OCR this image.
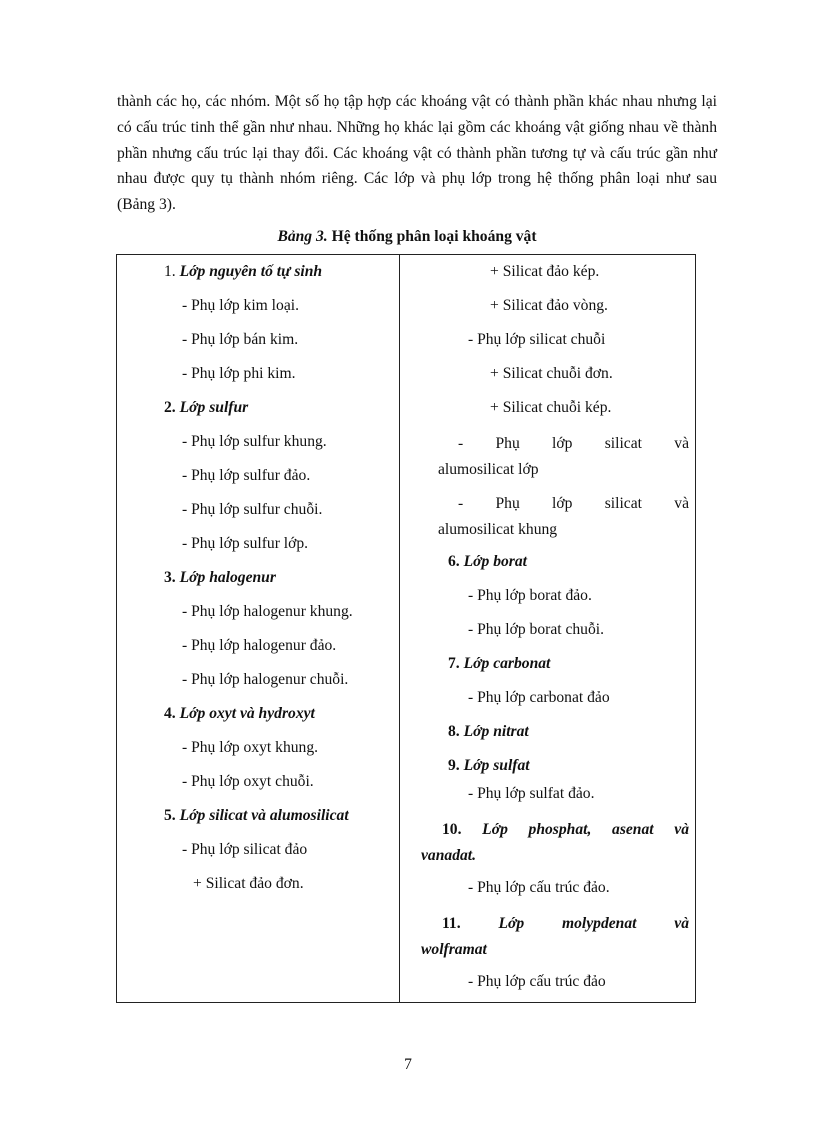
thành các họ, các nhóm. Một số họ tập hợp các khoáng vật có thành phần khác nhau nhưng lại có cấu trúc tinh thể gần như nhau. Những họ khác lại gồm các khoáng vật giống nhau về thành phần nhưng cấu trúc lại thay đổi. Các khoáng vật có thành phần tương tự và cấu trúc gần như nhau được quy tụ thành nhóm riêng. Các lớp và phụ lớp trong hệ thống phân loại như sau (Bảng 3).

Bảng 3. Hệ thống phân loại khoáng vật

1. Lớp nguyên tố tự sinh
- Phụ lớp kim loại.
- Phụ lớp bán kim.
- Phụ lớp phi kim.
2. Lớp sulfur
- Phụ lớp sulfur khung.
- Phụ lớp sulfur đảo.
- Phụ lớp sulfur chuỗi.
- Phụ lớp sulfur lớp.
3. Lớp halogenur
- Phụ lớp halogenur khung.
- Phụ lớp halogenur đảo.
- Phụ lớp halogenur chuỗi.
4. Lớp oxyt và hydroxyt
- Phụ lớp oxyt khung.
- Phụ lớp oxyt chuỗi.
5. Lớp silicat và alumosilicat
- Phụ lớp silicat đảo
+ Silicat đảo đơn.
+ Silicat đảo kép.
+ Silicat đảo vòng.
- Phụ lớp silicat chuỗi
+ Silicat chuỗi đơn.
+ Silicat chuỗi kép.
- Phụ lớp silicat và
alumosilicat lớp
- Phụ lớp silicat và
alumosilicat khung
6. Lớp borat
- Phụ lớp borat đảo.
- Phụ lớp borat chuỗi.
7. Lớp carbonat
- Phụ lớp carbonat đảo
8. Lớp nitrat
9. Lớp sulfat
- Phụ lớp sulfat đảo.
10. Lớp phosphat, asenat và
vanadat.
- Phụ lớp cấu trúc đảo.
11. Lớp molypdenat và
wolframat
- Phụ lớp cấu trúc đảo
7
